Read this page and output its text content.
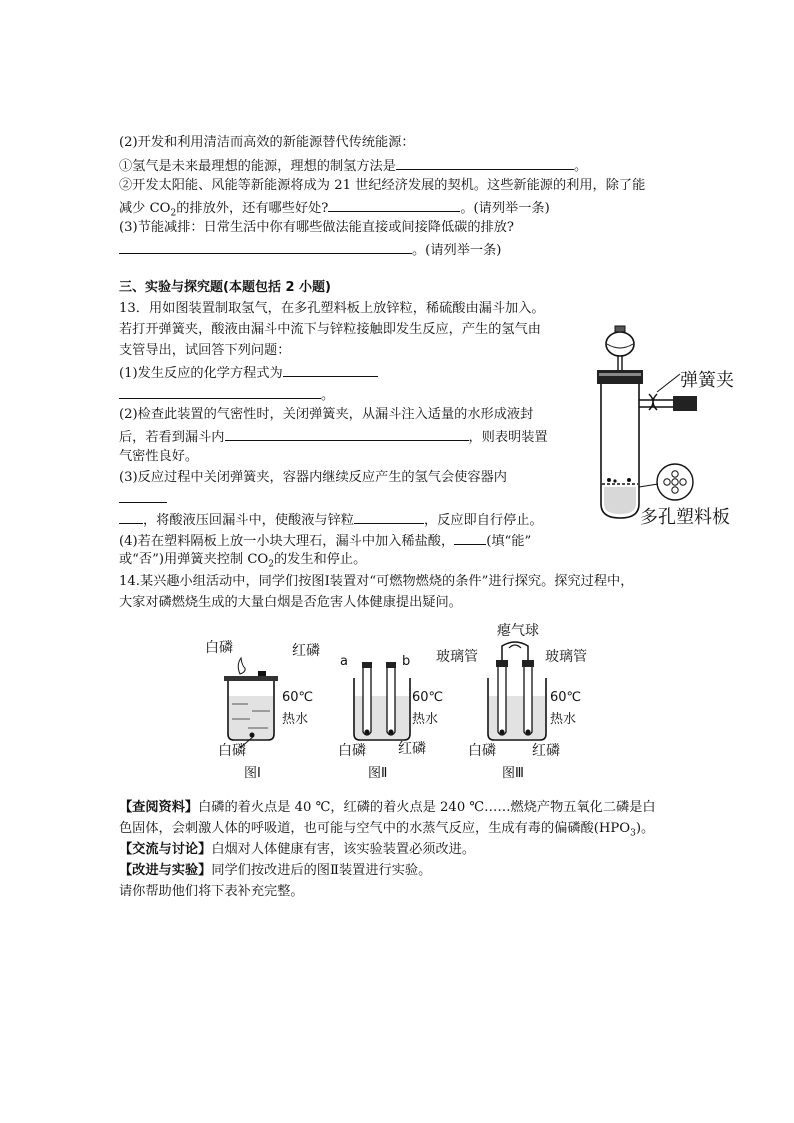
(2)开发和利用清洁而高效的新能源替代传统能源：
①氢气是未来最理想的能源，理想的制氢方法是	。
②开发太阳能、风能等新能源将成为 21 世纪经济发展的契机。这些新能源的利用，除了能
减少 $CO_2$的排放外，还有哪些好处?	。(请列举一条)
(3)节能减排：日常生活中你有哪些做法能直接或间接降低碳的排放?
。(请列举一条)
三、实验与探究题(本题包括 2 小题)
13．用如图装置制取氢气，在多孔塑料板上放锌粒，稀硫酸由漏斗加入。
若打开弹簧夹，酸液由漏斗中流下与锌粒接触即发生反应，产生的氢气由
支管导出，试回答下列问题：
(1)发生反应的化学方程式为
。
(2)检查此装置的气密性时，关闭弹簧夹，从漏斗注入适量的水形成液封
后，若看到漏斗内	，则表明装置
气密性良好。
(3)反应过程中关闭弹簧夹，容器内继续反应产生的氢气会使容器内
，将酸液压回漏斗中，使酸液与锌粒	，反应即自行停止。
(4)若在塑料隔板上放一小块大理石，漏斗中加入稀盐酸， (填“能”
或“否”)用弹簧夹控制 $CO_2$的发生和停止。
弹簧夹
多孔塑料板
14.某兴趣小组活动中，同学们按图Ⅰ装置对“可燃物燃烧的条件”进行探究。探究过程中，
大家对磷燃烧生成的大量白烟是否危害人体健康提出疑问。
白磷	红磷
60℃
热水
白磷
图Ⅰ
a	b
60℃
热水
白磷 红磷
图Ⅱ
瘪气球
玻璃管	玻璃管
60℃
热水
白磷	红磷
图Ⅲ
【查阅资料】白磷的着火点是 40 ℃，红磷的着火点是 240 ℃……燃烧产物五氧化二磷是白
色固体，会刺激人体的呼吸道，也可能与空气中的水蒸气反应，生成有毒的偏磷酸$(HPO_3)$。
【交流与讨论】白烟对人体健康有害，该实验装置必须改进。
【改进与实验】同学们按改进后的图Ⅱ装置进行实验。
请你帮助他们将下表补充完整。
